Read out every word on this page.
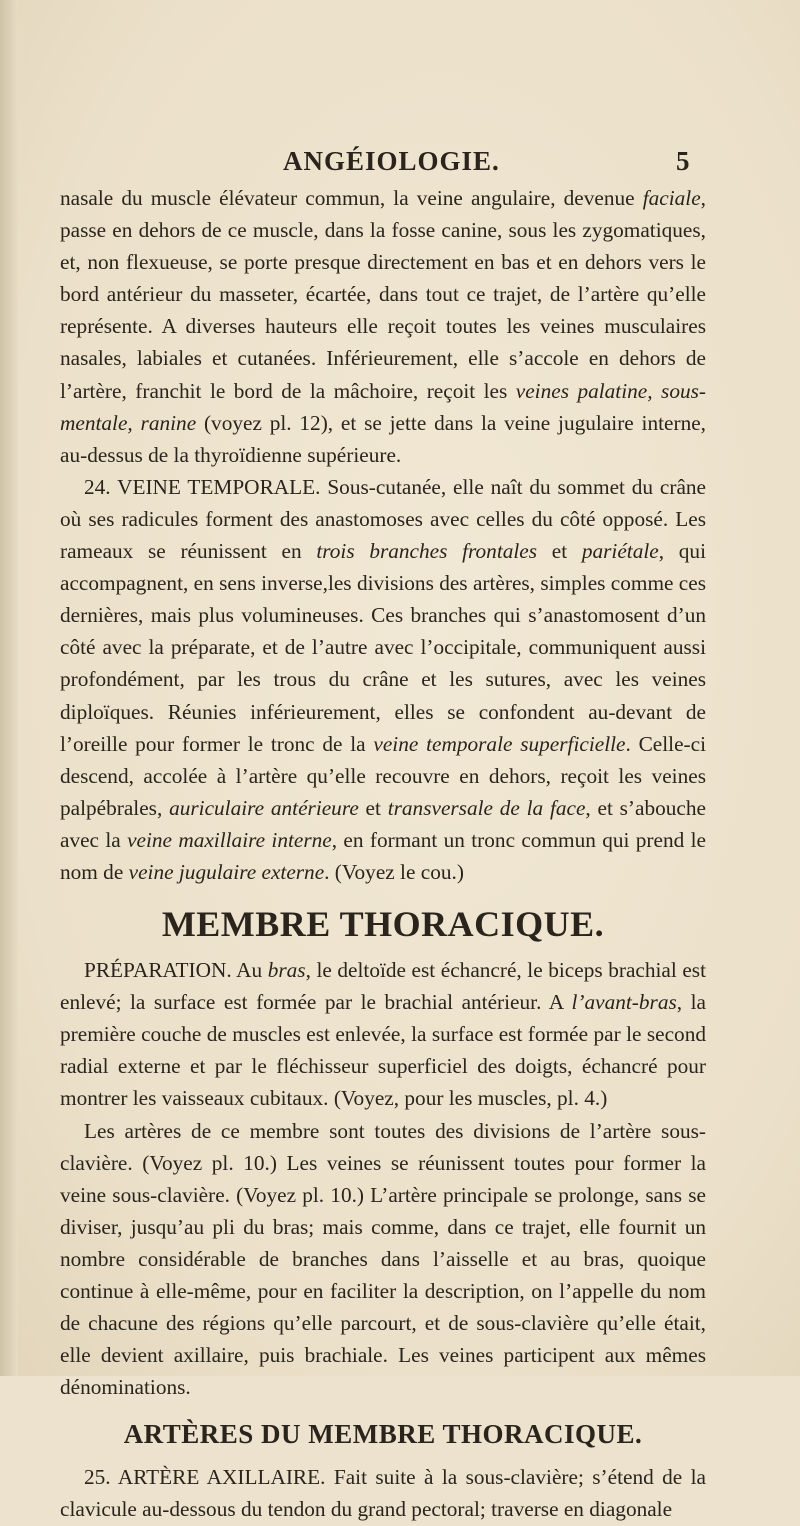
ANGÉIOLOGIE.	5

nasale du muscle élévateur commun, la veine angulaire, devenue faciale, passe en dehors de ce muscle, dans la fosse canine, sous les zygomatiques, et, non flexueuse, se porte presque directement en bas et en dehors vers le bord antérieur du masseter, écartée, dans tout ce trajet, de l’artère qu’elle représente. A diverses hauteurs elle reçoit toutes les veines musculaires nasales, labiales et cutanées. Inférieurement, elle s’accole en dehors de l’artère, franchit le bord de la mâchoire, reçoit les veines palatine, sous-mentale, ranine (voyez pl. 12), et se jette dans la veine jugulaire interne, au-dessus de la thyroïdienne supérieure.

24. VEINE TEMPORALE. Sous-cutanée, elle naît du sommet du crâne où ses radicules forment des anastomoses avec celles du côté opposé. Les rameaux se réunissent en trois branches frontales et pariétale, qui accompagnent, en sens inverse,les divisions des artères, simples comme ces dernières, mais plus volumineuses. Ces branches qui s’anastomosent d’un côté avec la préparate, et de l’autre avec l’occipitale, communiquent aussi profondément, par les trous du crâne et les sutures, avec les veines diploïques. Réunies inférieurement, elles se confondent au-devant de l’oreille pour former le tronc de la veine temporale superficielle. Celle-ci descend, accolée à l’artère qu’elle recouvre en dehors, reçoit les veines palpébrales, auriculaire antérieure et transversale de la face, et s’abouche avec la veine maxillaire interne, en formant un tronc commun qui prend le nom de veine jugulaire externe. (Voyez le cou.)

MEMBRE THORACIQUE.

PRÉPARATION. Au bras, le deltoïde est échancré, le biceps brachial est enlevé; la surface est formée par le brachial antérieur. A l’avant-bras, la première couche de muscles est enlevée, la surface est formée par le second radial externe et par le fléchisseur superficiel des doigts, échancré pour montrer les vaisseaux cubitaux. (Voyez, pour les muscles, pl. 4.)

Les artères de ce membre sont toutes des divisions de l’artère sous-clavière. (Voyez pl. 10.) Les veines se réunissent toutes pour former la veine sous-clavière. (Voyez pl. 10.) L’artère principale se prolonge, sans se diviser, jusqu’au pli du bras; mais comme, dans ce trajet, elle fournit un nombre considérable de branches dans l’aisselle et au bras, quoique continue à elle-même, pour en faciliter la description, on l’appelle du nom de chacune des régions qu’elle parcourt, et de sous-clavière qu’elle était, elle devient axillaire, puis brachiale. Les veines participent aux mêmes dénominations.

ARTÈRES DU MEMBRE THORACIQUE.

25. ARTÈRE AXILLAIRE. Fait suite à la sous-clavière; s’étend de la clavicule au-dessous du tendon du grand pectoral; traverse en diagonale
